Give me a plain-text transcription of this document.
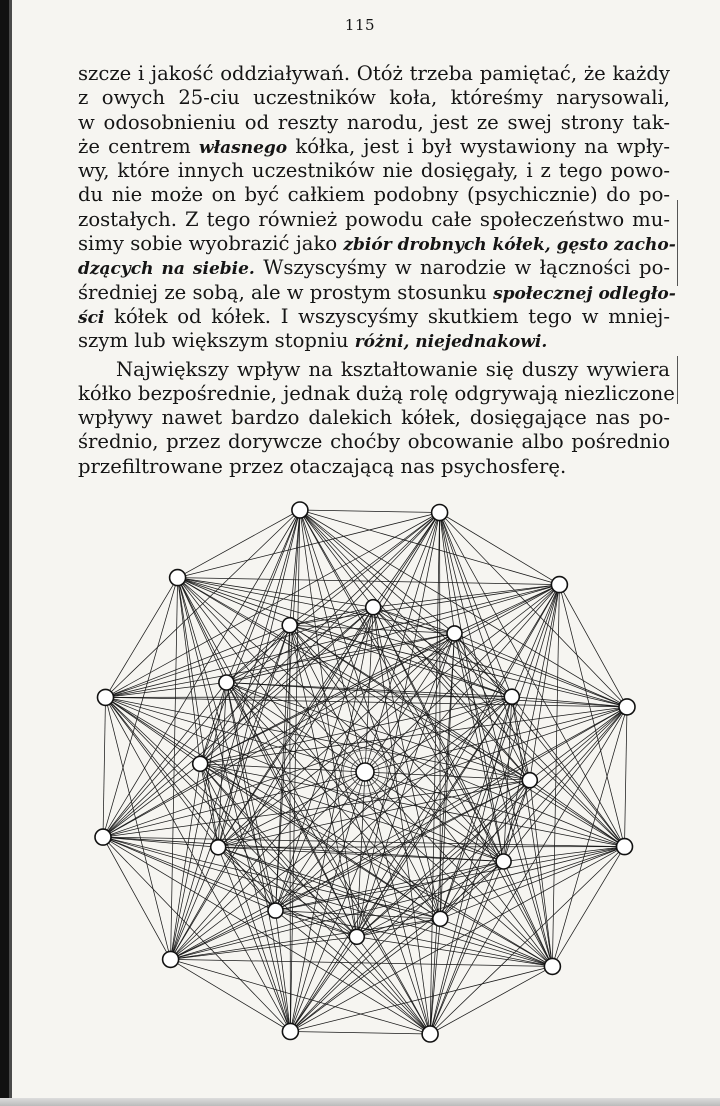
115
szcze i jakość oddziaływań. Otóż trzeba pamiętać, że każdy
z owych 25-ciu uczestników koła, któreśmy narysowali,
w odosobnieniu od reszty narodu, jest ze swej strony tak-
że centrem własnego kółka, jest i był wystawiony na wpły-
wy, które innych uczestników nie dosięgały, i z tego powo-
du nie może on być całkiem podobny (psychicznie) do po-
zostałych. Z tego również powodu całe społeczeństwo mu-
simy sobie wyobrazić jako zbiór drobnych kółek, gęsto zacho-
dzących na siebie. Wszyscyśmy w narodzie w łączności po-
średniej ze sobą, ale w prostym stosunku społecznej odległo-
ści kółek od kółek. I wszyscyśmy skutkiem tego w mniej-
szym lub większym stopniu różni, niejednakowi.
Największy wpływ na kształtowanie się duszy wywiera
kółko bezpośrednie, jednak dużą rolę odgrywają niezliczone
wpływy nawet bardzo dalekich kółek, dosięgające nas po-
średnio, przez dorywcze choćby obcowanie albo pośrednio
przefiltrowane przez otaczającą nas psychosferę.
